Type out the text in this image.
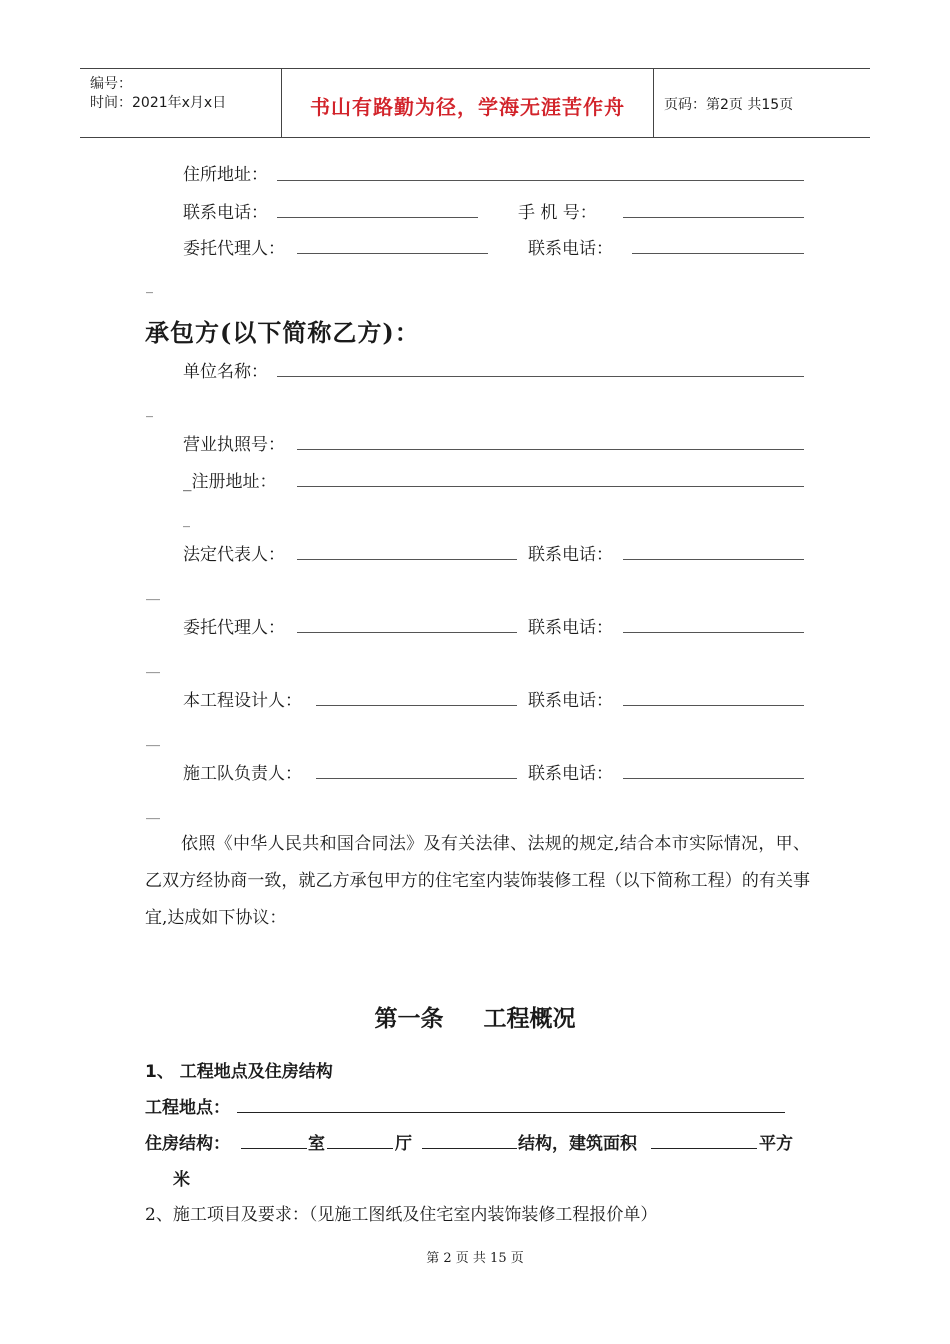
编号：
时间：2021年x月x日	书山有路勤为径，学海无涯苦作舟	页码：第2页 共15页
住所地址：
联系电话：	手 机 号：
委托代理人：	联系电话：
_
承包方(以下简称乙方)：
单位名称：
_
营业执照号：
_注册地址：
_
法定代表人：	联系电话：
__
委托代理人：	联系电话：
__
本工程设计人：	联系电话：
__
施工队负责人：	联系电话：
__
依照《中华人民共和国合同法》及有关法律、法规的规定,结合本市实际情况，甲、乙双方经协商一致，就乙方承包甲方的住宅室内装饰装修工程（以下简称工程）的有关事宜,达成如下协议：
第一条 工程概况
1、 工程地点及住房结构
工程地点：
住房结构：	室	厅	结构，建筑面积	平方
米
2、施工项目及要求：（见施工图纸及住宅室内装饰装修工程报价单）
第 2 页 共 15 页
